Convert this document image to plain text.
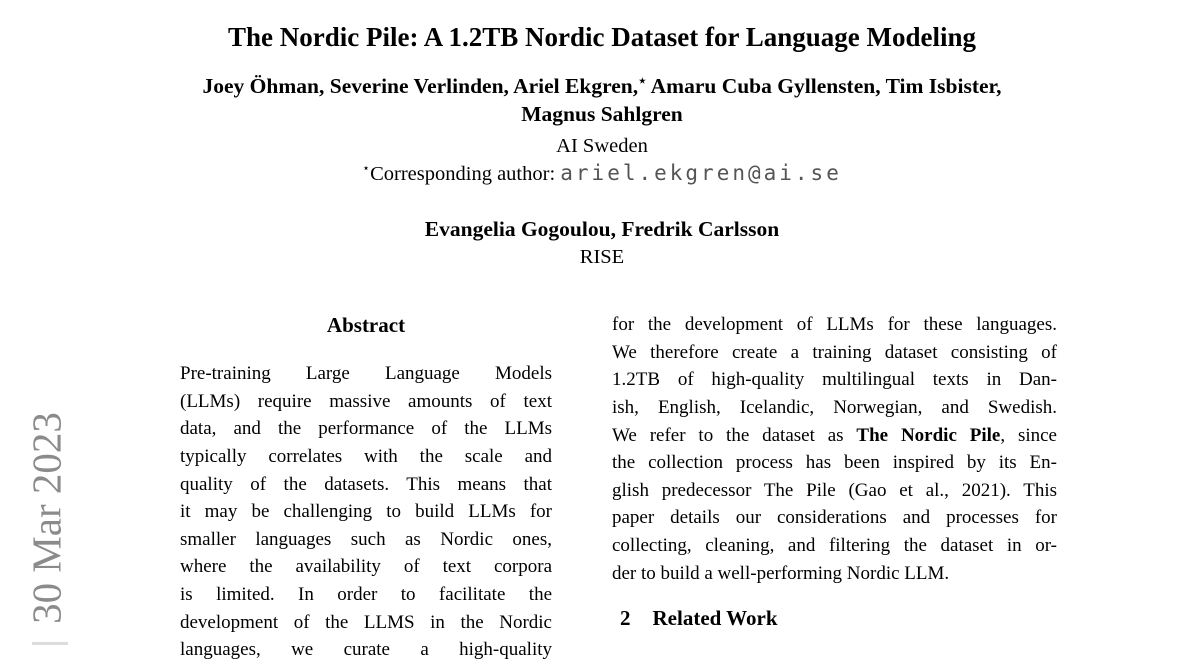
30 Mar 2023
The Nordic Pile: A 1.2TB Nordic Dataset for Language Modeling
Joey Öhman, Severine Verlinden, Ariel Ekgren,⋆ Amaru Cuba Gyllensten, Tim Isbister,
Magnus Sahlgren
AI Sweden
⋆Corresponding author: ariel.ekgren@ai.se
Evangelia Gogoulou, Fredrik Carlsson
RISE
Abstract
Pre-training Large Language Models
(LLMs) require massive amounts of text
data, and the performance of the LLMs
typically correlates with the scale and
quality of the datasets. This means that
it may be challenging to build LLMs for
smaller languages such as Nordic ones,
where the availability of text corpora
is limited. In order to facilitate the
development of the LLMS in the Nordic
languages, we curate a high-quality
for the development of LLMs for these languages.
We therefore create a training dataset consisting of
1.2TB of high-quality multilingual texts in Dan-
ish, English, Icelandic, Norwegian, and Swedish.
We refer to the dataset as The Nordic Pile, since
the collection process has been inspired by its En-
glish predecessor The Pile (Gao et al., 2021). This
paper details our considerations and processes for
collecting, cleaning, and filtering the dataset in or-
der to build a well-performing Nordic LLM.
2 Related Work
